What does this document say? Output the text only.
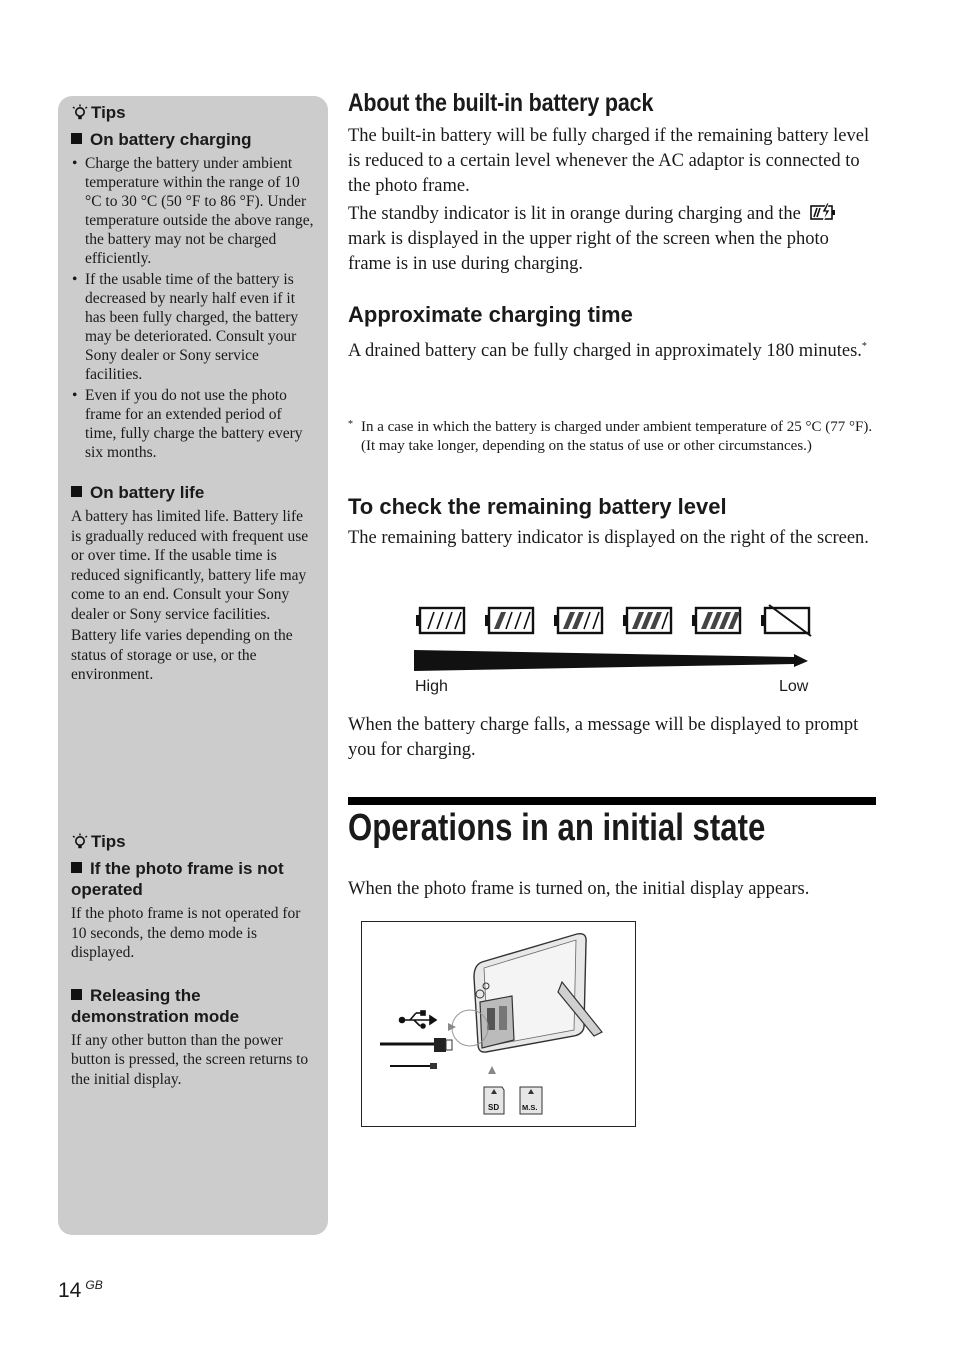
Tips
On battery charging
• Charge the battery under ambient temperature within the range of 10 °C to 30 °C (50 °F to 86 °F). Under temperature outside the above range, the battery may not be charged efficiently.
• If the usable time of the battery is decreased by nearly half even if it has been fully charged, the battery may be deteriorated. Consult your Sony dealer or Sony service facilities.
• Even if you do not use the photo frame for an extended period of time, fully charge the battery every six months.
On battery life

A battery has limited life. Battery life is gradually reduced with frequent use or over time. If the usable time is reduced significantly, battery life may come to an end. Consult your Sony dealer or Sony service facilities.

Battery life varies depending on the status of storage or use, or the environment.

Tips
If the photo frame is not operated

If the photo frame is not operated for 10 seconds, the demo mode is displayed.

Releasing the demonstration mode

If any other button than the power button is pressed, the screen returns to the initial display.

About the built-in battery pack

The built-in battery will be fully charged if the remaining battery level is reduced to a certain level whenever the AC adaptor is connected to the photo frame.

The standby indicator is lit in orange during charging and the  mark is displayed in the upper right of the screen when the photo frame is in use during charging.

Approximate charging time

A drained battery can be fully charged in approximately 180 minutes.*

* In a case in which the battery is charged under ambient temperature of 25 °C (77 °F). (It may take longer, depending on the status of use or other circumstances.)
To check the remaining battery level

The remaining battery indicator is displayed on the right of the screen.

High	Low

When the battery charge falls, a message will be displayed to prompt you for charging.

Operations in an initial state

When the photo frame is turned on, the initial display appears.

SD	M.S.
14 $^{GB}$
